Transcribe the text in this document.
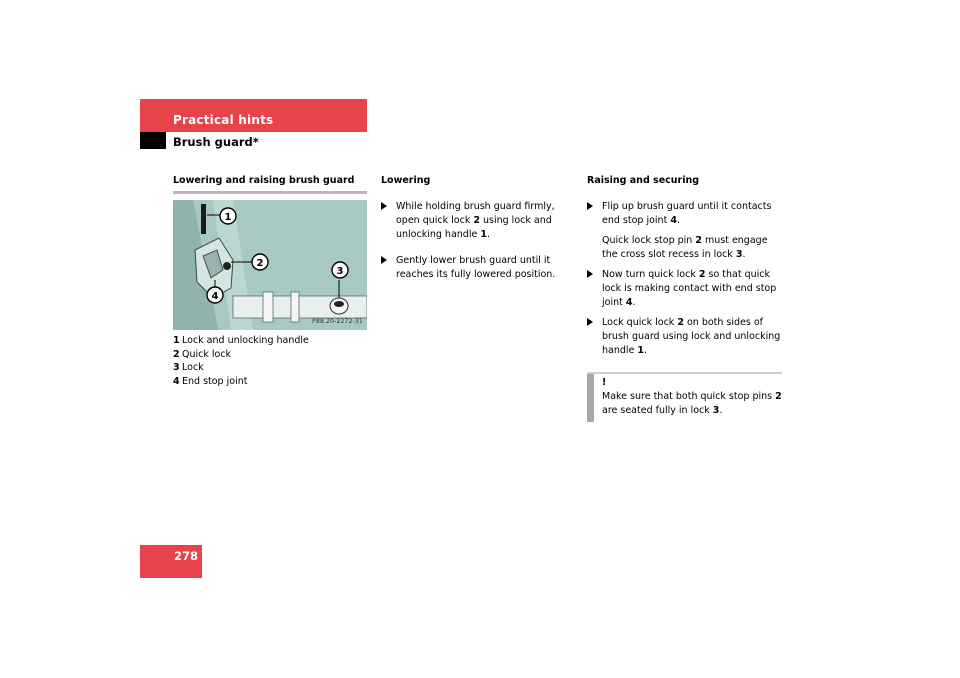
Practical hints
Brush guard*
Lowering and raising brush guard
1
2
3
4
P88.20-2272-31
1 Lock and unlocking handle
2 Quick lock
3 Lock
4 End stop joint
Lowering
While holding brush guard firmly, open quick lock 2 using lock and unlocking handle 1.
Gently lower brush guard until it reaches its fully lowered position.
Raising and securing
Flip up brush guard until it contacts end stop joint 4.
Quick lock stop pin 2 must engage the cross slot recess in lock 3.
Now turn quick lock 2 so that quick lock is making contact with end stop joint 4.
Lock quick lock 2 on both sides of brush guard using lock and unlocking handle 1.
!
Make sure that both quick stop pins 2 are seated fully in lock 3.
278
